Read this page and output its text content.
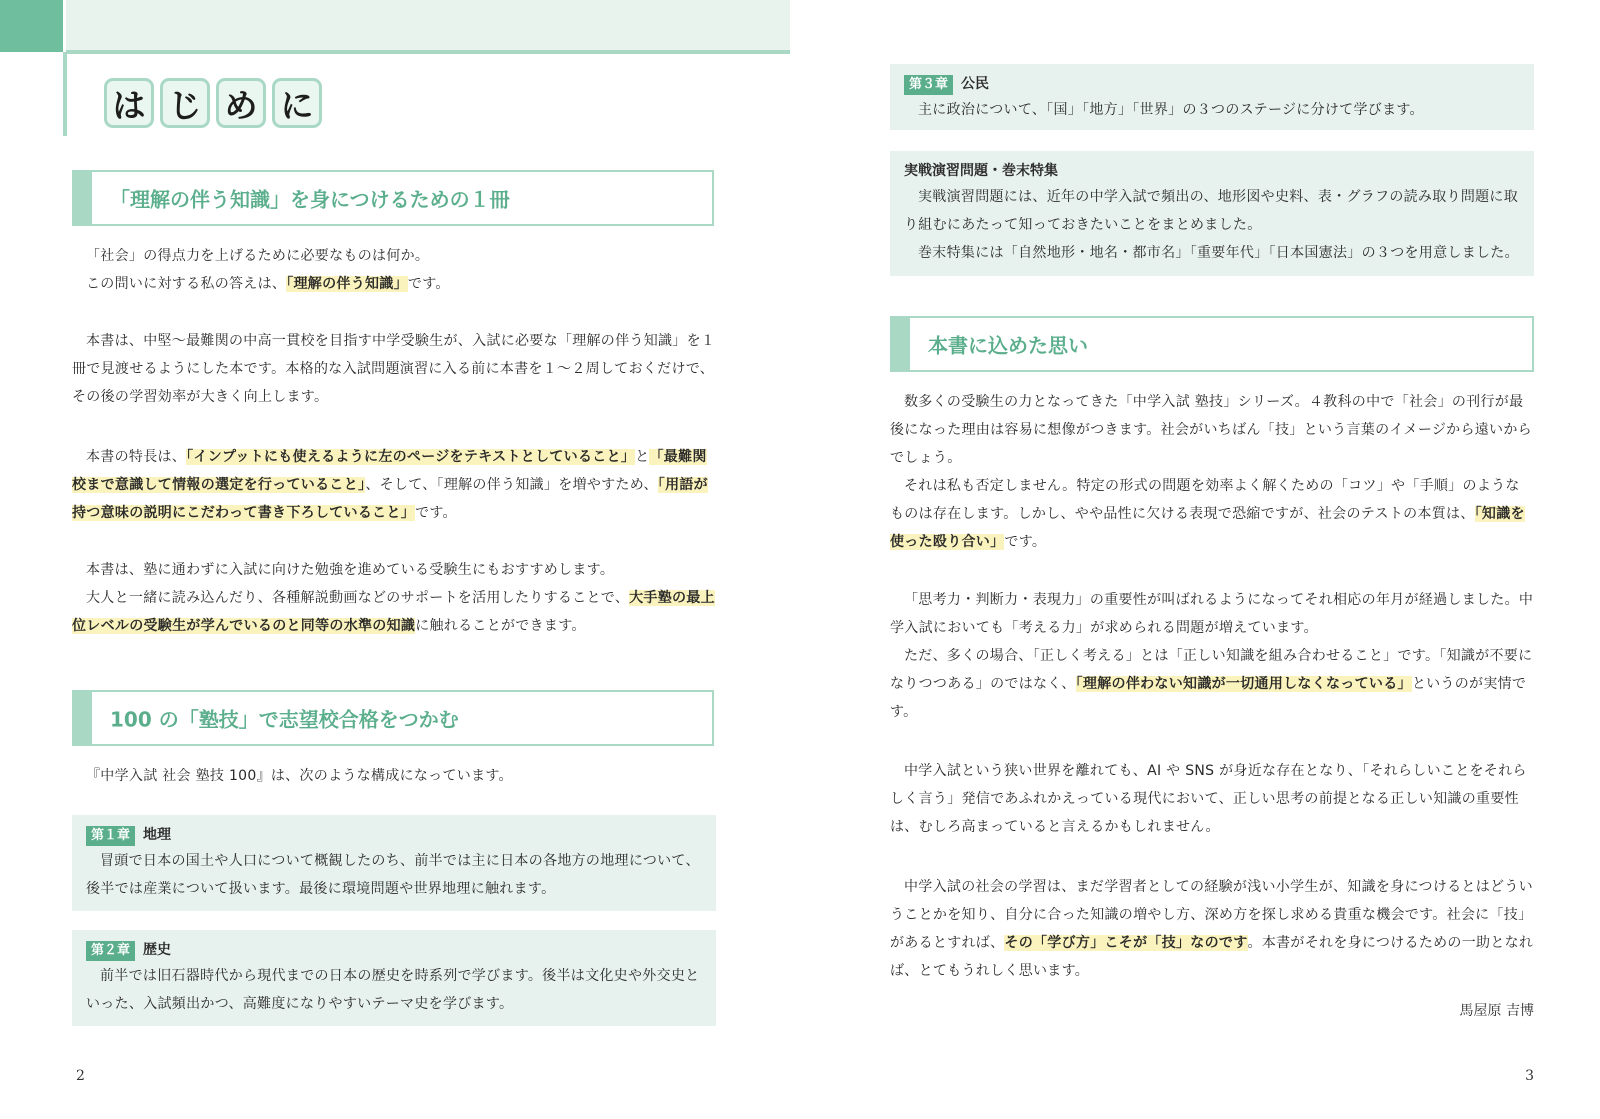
は じ め に
「理解の伴う知識」を身につけるための１冊

「社会」の得点力を上げるために必要なものは何か。

この問いに対する私の答えは、「理解の伴う知識」です。

本書は、中堅～最難関の中高一貫校を目指す中学受験生が、入試に必要な「理解の伴う知識」を１冊で見渡せるようにした本です。本格的な入試問題演習に入る前に本書を１～２周しておくだけで、その後の学習効率が大きく向上します。

本書の特長は、「インプットにも使えるように左のページをテキストとしていること」と「最難関校まで意識して情報の選定を行っていること」、そして、「理解の伴う知識」を増やすため、「用語が持つ意味の説明にこだわって書き下ろしていること」です。

本書は、塾に通わずに入試に向けた勉強を進めている受験生にもおすすめします。

大人と一緒に読み込んだり、各種解説動画などのサポートを活用したりすることで、大手塾の最上位レベルの受験生が学んでいるのと同等の水準の知識に触れることができます。

100 の「塾技」で志望校合格をつかむ

『中学入試 社会 塾技 100』は、次のような構成になっています。

第１章 地理
冒頭で日本の国土や人口について概観したのち、前半では主に日本の各地方の地理について、後半では産業について扱います。最後に環境問題や世界地理に触れます。
第２章 歴史
前半では旧石器時代から現代までの日本の歴史を時系列で学びます。後半は文化史や外交史といった、入試頻出かつ、高難度になりやすいテーマ史を学びます。
2
第３章 公民
主に政治について、「国」「地方」「世界」の３つのステージに分けて学びます。
実戦演習問題・巻末特集
実戦演習問題には、近年の中学入試で頻出の、地形図や史料、表・グラフの読み取り問題に取り組むにあたって知っておきたいことをまとめました。
巻末特集には「自然地形・地名・都市名」「重要年代」「日本国憲法」の３つを用意しました。
本書に込めた思い

数多くの受験生の力となってきた「中学入試 塾技」シリーズ。４教科の中で「社会」の刊行が最後になった理由は容易に想像がつきます。社会がいちばん「技」という言葉のイメージから遠いからでしょう。

それは私も否定しません。特定の形式の問題を効率よく解くための「コツ」や「手順」のようなものは存在します。しかし、やや品性に欠ける表現で恐縮ですが、社会のテストの本質は、「知識を使った殴り合い」です。

「思考力・判断力・表現力」の重要性が叫ばれるようになってそれ相応の年月が経過しました。中学入試においても「考える力」が求められる問題が増えています。

ただ、多くの場合、「正しく考える」とは「正しい知識を組み合わせること」です。「知識が不要になりつつある」のではなく、「理解の伴わない知識が一切通用しなくなっている」というのが実情です。

中学入試という狭い世界を離れても、AI や SNS が身近な存在となり、「それらしいことをそれらしく言う」発信であふれかえっている現代において、正しい思考の前提となる正しい知識の重要性は、むしろ高まっていると言えるかもしれません。

中学入試の社会の学習は、まだ学習者としての経験が浅い小学生が、知識を身につけるとはどういうことかを知り、自分に合った知識の増やし方、深め方を探し求める貴重な機会です。社会に「技」があるとすれば、その「学び方」こそが「技」なのです。本書がそれを身につけるための一助となれば、とてもうれしく思います。

馬屋原 吉博
3
